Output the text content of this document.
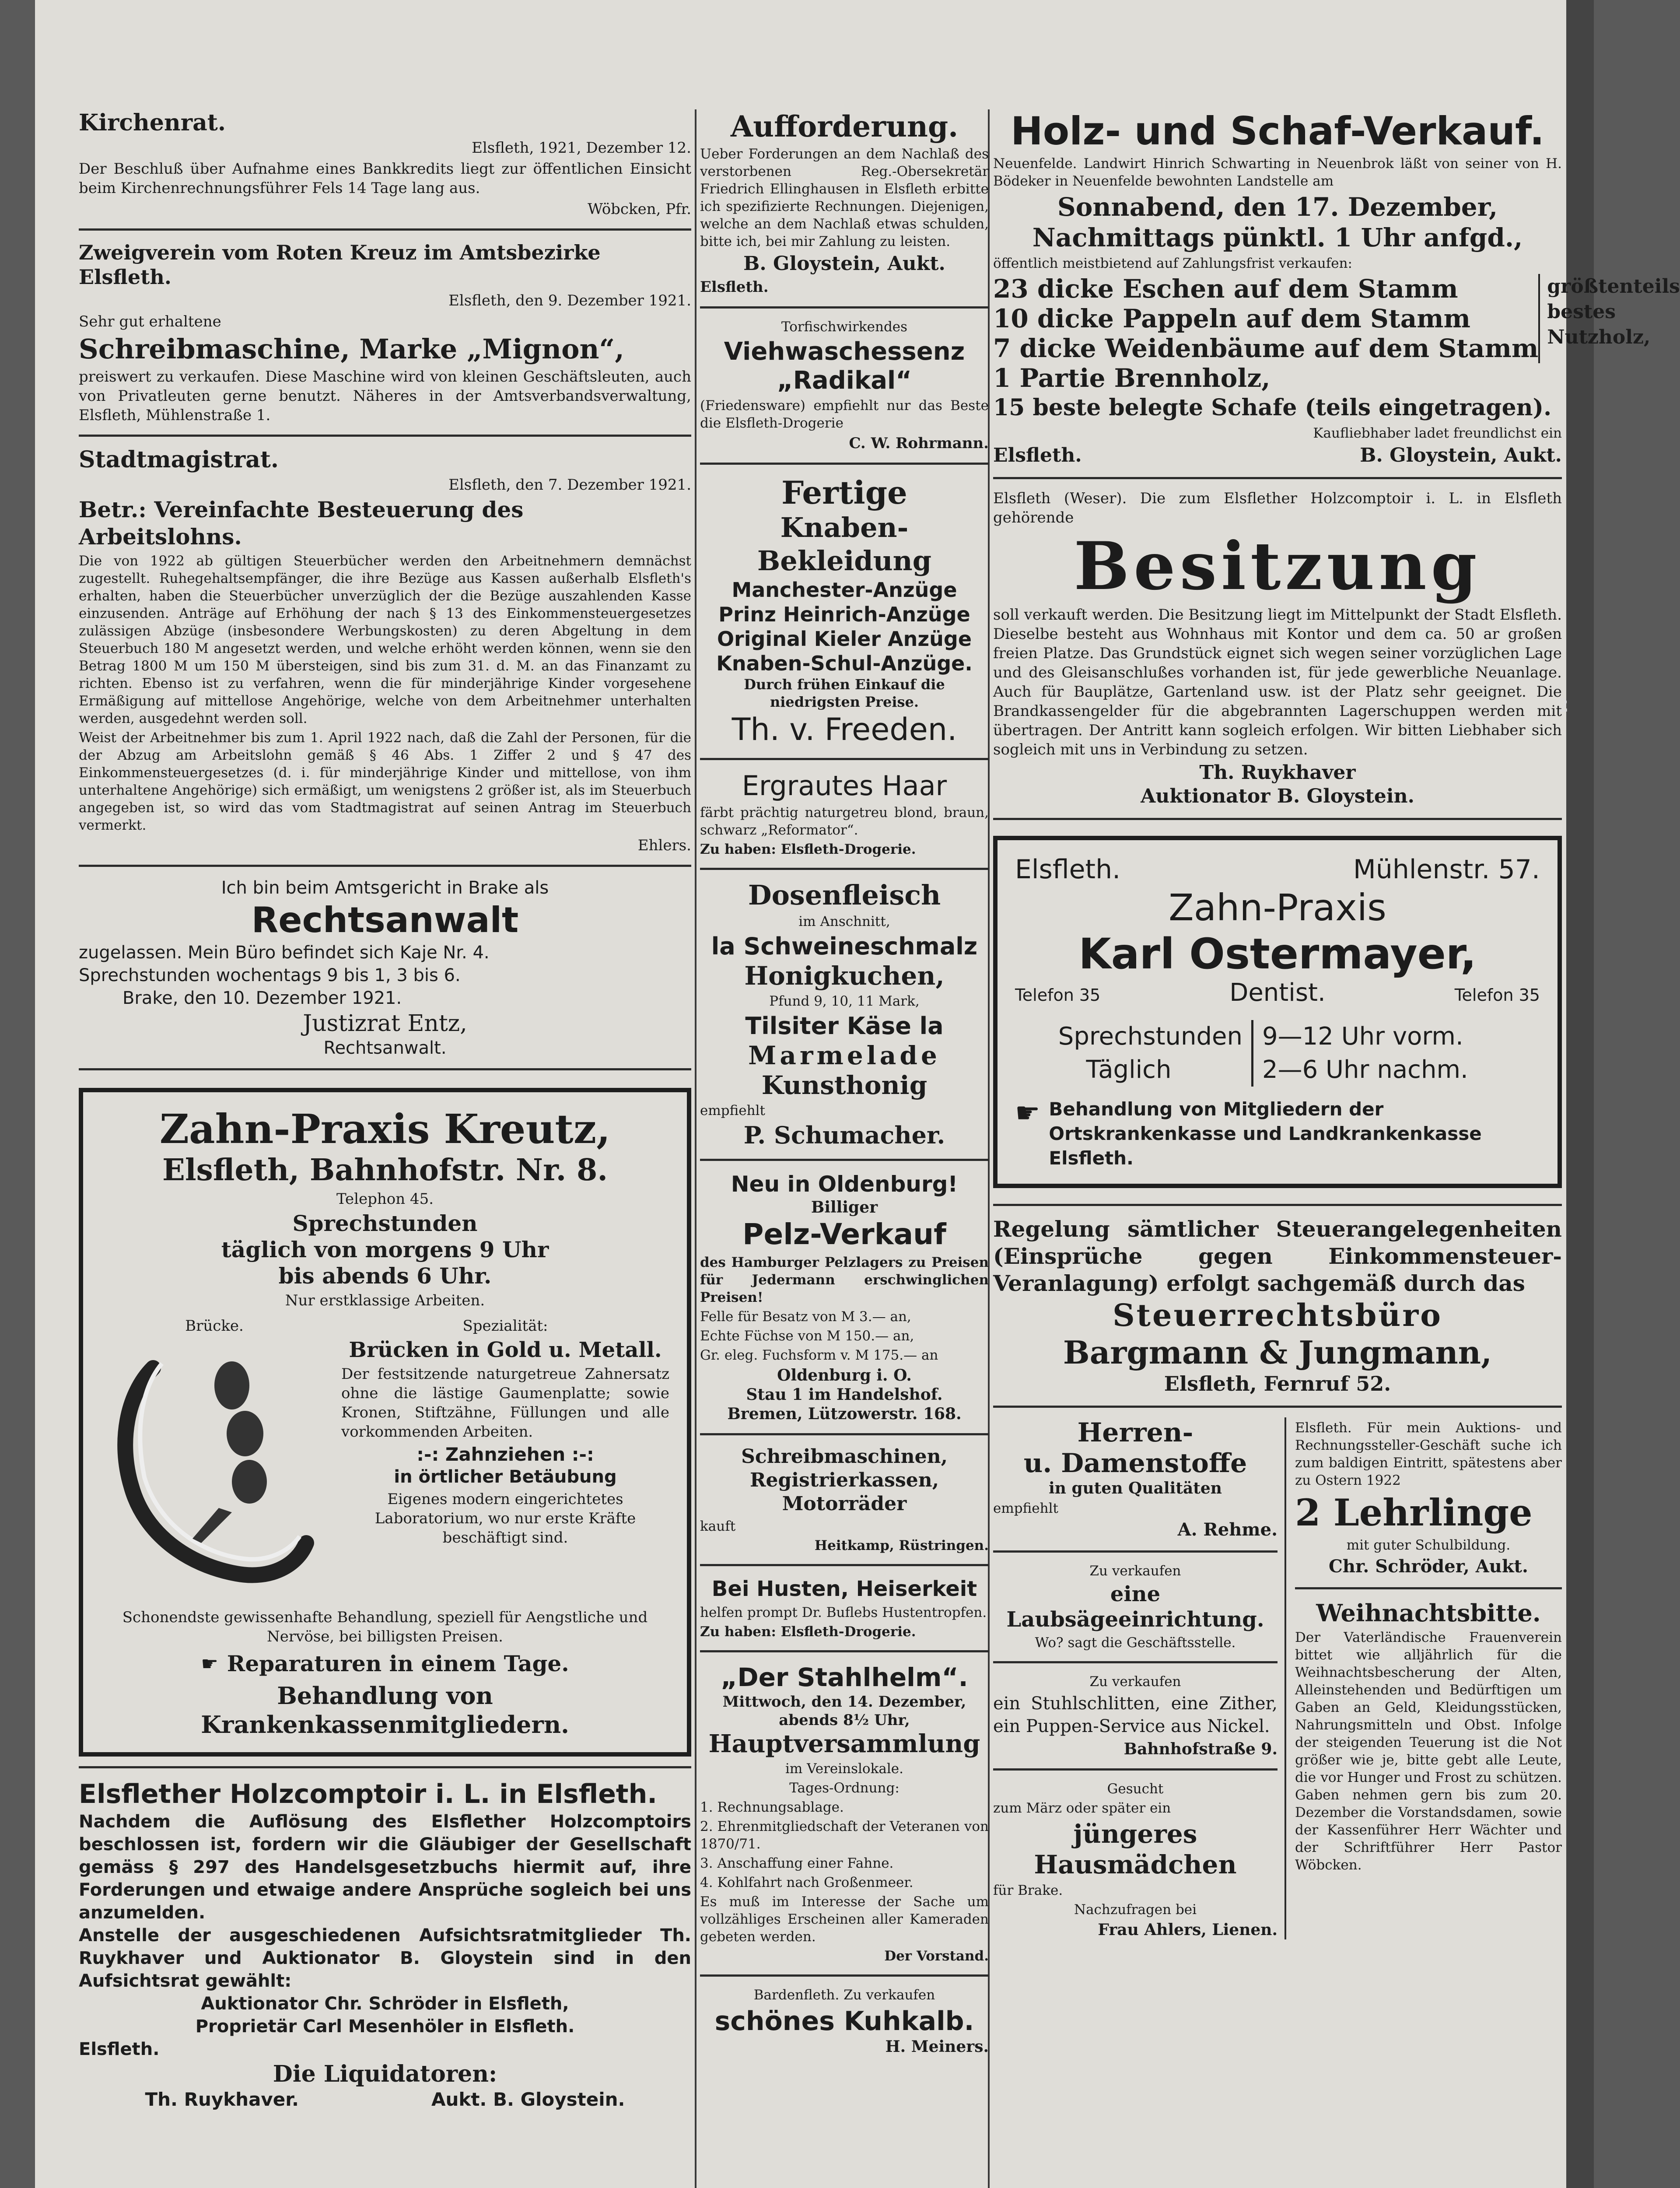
2
Kirchenrat.
Elsfleth, 1921, Dezember 12.
Der Beschluß über Aufnahme eines Bankkredits liegt zur öffentlichen Einsicht beim Kirchenrechnungsführer Fels 14 Tage lang aus.
Wöbcken, Pfr.
Zweigverein vom Roten Kreuz im Amtsbezirke Elsfleth.
Elsfleth, den 9. Dezember 1921.
Sehr gut erhaltene
Schreibmaschine, Marke „Mignon“,
preiswert zu verkaufen. Diese Maschine wird von kleinen Geschäftsleuten, auch von Privatleuten gerne benutzt. Näheres in der Amtsverbandsverwaltung, Elsfleth, Mühlenstraße 1.
Stadtmagistrat.
Elsfleth, den 7. Dezember 1921.
Betr.: Vereinfachte Besteuerung des Arbeitslohns.
Die von 1922 ab gültigen Steuerbücher werden den Arbeitnehmern demnächst zugestellt. Ruhegehaltsempfänger, die ihre Bezüge aus Kassen außerhalb Elsfleth's erhalten, haben die Steuerbücher unverzüglich der die Bezüge auszahlenden Kasse einzusenden. Anträge auf Erhöhung der nach § 13 des Einkommensteuergesetzes zulässigen Abzüge (insbesondere Werbungskosten) zu deren Abgeltung in dem Steuerbuch 180 M angesetzt werden, und welche erhöht werden können, wenn sie den Betrag 1800 M um 150 M übersteigen, sind bis zum 31. d. M. an das Finanzamt zu richten. Ebenso ist zu verfahren, wenn die für minderjährige Kinder vorgesehene Ermäßigung auf mittellose Angehörige, welche von dem Arbeitnehmer unterhalten werden, ausgedehnt werden soll.
Weist der Arbeitnehmer bis zum 1. April 1922 nach, daß die Zahl der Personen, für die der Abzug am Arbeitslohn gemäß § 46 Abs. 1 Ziffer 2 und § 47 des Einkommensteuergesetzes (d. i. für minderjährige Kinder und mittellose, von ihm unterhaltene Angehörige) sich ermäßigt, um wenigstens 2 größer ist, als im Steuerbuch angegeben ist, so wird das vom Stadtmagistrat auf seinen Antrag im Steuerbuch vermerkt.
Ehlers.
Ich bin beim Amtsgericht in Brake als
Rechtsanwalt
zugelassen. Mein Büro befindet sich Kaje Nr. 4.
Sprechstunden wochentags 9 bis 1, 3 bis 6.
Brake, den 10. Dezember 1921.
Justizrat Entz,
Rechtsanwalt.
Zahn-Praxis Kreutz,
Elsfleth, Bahnhofstr. Nr. 8.
Telephon 45.
Sprechstunden
täglich von morgens 9 Uhr
bis abends 6 Uhr.
Nur erstklassige Arbeiten.
Brücke.	Spezialität:
Brücken in Gold u. Metall.
Der festsitzende naturgetreue Zahnersatz ohne die lästige Gaumenplatte; sowie Kronen, Stiftzähne, Füllungen und alle vorkommenden Arbeiten.
:-: Zahnziehen :-:
in örtlicher Betäubung
Eigenes modern eingerichtetes Laboratorium, wo nur erste Kräfte beschäftigt sind.
Schonendste gewissenhafte Behandlung, speziell für Aengstliche und Nervöse, bei billigsten Preisen.
☛ Reparaturen in einem Tage.
Behandlung von Krankenkassenmitgliedern.
Elsflether Holzcomptoir i. L. in Elsfleth.
Nachdem die Auflösung des Elsflether Holzcomptoirs beschlossen ist, fordern wir die Gläubiger der Gesellschaft gemäss § 297 des Handelsgesetzbuchs hiermit auf, ihre Forderungen und etwaige andere Ansprüche sogleich bei uns anzumelden.
Anstelle der ausgeschiedenen Aufsichtsratmitglieder Th. Ruykhaver und Auktionator B. Gloystein sind in den Aufsichtsrat gewählt:
Auktionator Chr. Schröder in Elsfleth,
Proprietär Carl Mesenhöler in Elsfleth.
Elsfleth.
Die Liquidatoren:
Th. Ruykhaver.	Aukt. B. Gloystein.
Aufforderung.
Ueber Forderungen an dem Nachlaß des verstorbenen Reg.-Obersekretär Friedrich Ellinghausen in Elsfleth erbitte ich spezifizierte Rechnungen. Diejenigen, welche an dem Nachlaß etwas schulden, bitte ich, bei mir Zahlung zu leisten.
B. Gloystein, Aukt.
Elsfleth.
Torfischwirkendes
Viehwaschessenz
„Radikal“
(Friedensware) empfiehlt nur das Beste die Elsfleth-Drogerie
C. W. Rohrmann.
Fertige
Knaben-Bekleidung
Manchester-Anzüge
Prinz Heinrich-Anzüge
Original Kieler Anzüge
Knaben-Schul-Anzüge.
Durch frühen Einkauf die niedrigsten Preise.
Th. v. Freeden.
Ergrautes Haar
färbt prächtig naturgetreu blond, braun, schwarz „Reformator“.
Zu haben: Elsfleth-Drogerie.
Dosenfleisch
im Anschnitt,
la Schweineschmalz
Honigkuchen,
Pfund 9, 10, 11 Mark,
Tilsiter Käse la
Marmelade
Kunsthonig
empfiehlt
P. Schumacher.
Neu in Oldenburg!
Billiger
Pelz-Verkauf
des Hamburger Pelzlagers zu Preisen für Jedermann erschwinglichen Preisen!
Felle für Besatz von M 3.— an,
Echte Füchse von M 150.— an,
Gr. eleg. Fuchsform v. M 175.— an
Oldenburg i. O.
Stau 1 im Handelshof.
Bremen, Lützowerstr. 168.
Schreibmaschinen, Registrierkassen, Motorräder
kauft
Heitkamp, Rüstringen.
Bei Husten, Heiserkeit
helfen prompt Dr. Buflebs Hustentropfen.
Zu haben: Elsfleth-Drogerie.
„Der Stahlhelm“.
Mittwoch, den 14. Dezember, abends 8½ Uhr,
Hauptversammlung
im Vereinslokale.
Tages-Ordnung:
1. Rechnungsablage.
2. Ehrenmitgliedschaft der Veteranen von 1870/71.
3. Anschaffung einer Fahne.
4. Kohlfahrt nach Großenmeer.
Es muß im Interesse der Sache um vollzähliges Erscheinen aller Kameraden gebeten werden.
Der Vorstand.
Bardenfleth. Zu verkaufen
schönes Kuhkalb.
H. Meiners.
Holz- und Schaf-Verkauf.
Neuenfelde. Landwirt Hinrich Schwarting in Neuenbrok läßt von seiner von H. Bödeker in Neuenfelde bewohnten Landstelle am
Sonnabend, den 17. Dezember,
Nachmittags pünktl. 1 Uhr anfgd.,
öffentlich meistbietend auf Zahlungsfrist verkaufen:
23 dicke Eschen auf dem Stamm
10 dicke Pappeln auf dem Stamm
7 dicke Weidenbäume auf dem Stamm
größtenteils bestes Nutzholz,
1 Partie Brennholz,
15 beste belegte Schafe (teils eingetragen).
Kaufliebhaber ladet freundlichst ein
Elsfleth.	B. Gloystein, Aukt.
Elsfleth (Weser). Die zum Elsflether Holzcomptoir i. L. in Elsfleth gehörende
Besitzung
soll verkauft werden. Die Besitzung liegt im Mittelpunkt der Stadt Elsfleth. Dieselbe besteht aus Wohnhaus mit Kontor und dem ca. 50 ar großen freien Platze. Das Grundstück eignet sich wegen seiner vorzüglichen Lage und des Gleisanschlußes vorhanden ist, für jede gewerbliche Neuanlage. Auch für Bauplätze, Gartenland usw. ist der Platz sehr geeignet. Die Brandkassengelder für die abgebrannten Lagerschuppen werden mit übertragen. Der Antritt kann sogleich erfolgen. Wir bitten Liebhaber sich sogleich mit uns in Verbindung zu setzen.
Th. Ruykhaver
Auktionator B. Gloystein.
Elsfleth.	Mühlenstr. 57.
Zahn-Praxis
Karl Ostermayer,
Telefon 35	Dentist.	Telefon 35
Sprechstunden
Täglich
9—12 Uhr vorm.
2—6 Uhr nachm.
☛ Behandlung von Mitgliedern der Ortskrankenkasse und Landkrankenkasse Elsfleth.
Regelung sämtlicher Steuerangelegenheiten (Einsprüche gegen Einkommensteuer-Veranlagung) erfolgt sachgemäß durch das
Steuerrechtsbüro
Bargmann & Jungmann,
Elsfleth, Fernruf 52.
Herren-
u. Damenstoffe
in guten Qualitäten
empfiehlt
A. Rehme.
Zu verkaufen
eine Laubsägeeinrichtung.
Wo? sagt die Geschäftsstelle.
Zu verkaufen
ein Stuhlschlitten, eine Zither, ein Puppen-Service aus Nickel.
Bahnhofstraße 9.
Gesucht
zum März oder später ein
jüngeres Hausmädchen
für Brake.
Nachzufragen bei
Frau Ahlers, Lienen.
Elsfleth. Für mein Auktions- und Rechnungssteller-Geschäft suche ich zum baldigen Eintritt, spätestens aber zu Ostern 1922
2 Lehrlinge
mit guter Schulbildung.
Chr. Schröder, Aukt.
Weihnachtsbitte.
Der Vaterländische Frauenverein bittet wie alljährlich für die Weihnachtsbescherung der Alten, Alleinstehenden und Bedürftigen um Gaben an Geld, Kleidungsstücken, Nahrungsmitteln und Obst. Infolge der steigenden Teuerung ist die Not größer wie je, bitte gebt alle Leute, die vor Hunger und Frost zu schützen. Gaben nehmen gern bis zum 20. Dezember die Vorstandsdamen, sowie der Kassenführer Herr Wächter und der Schriftführer Herr Pastor Wöbcken.
